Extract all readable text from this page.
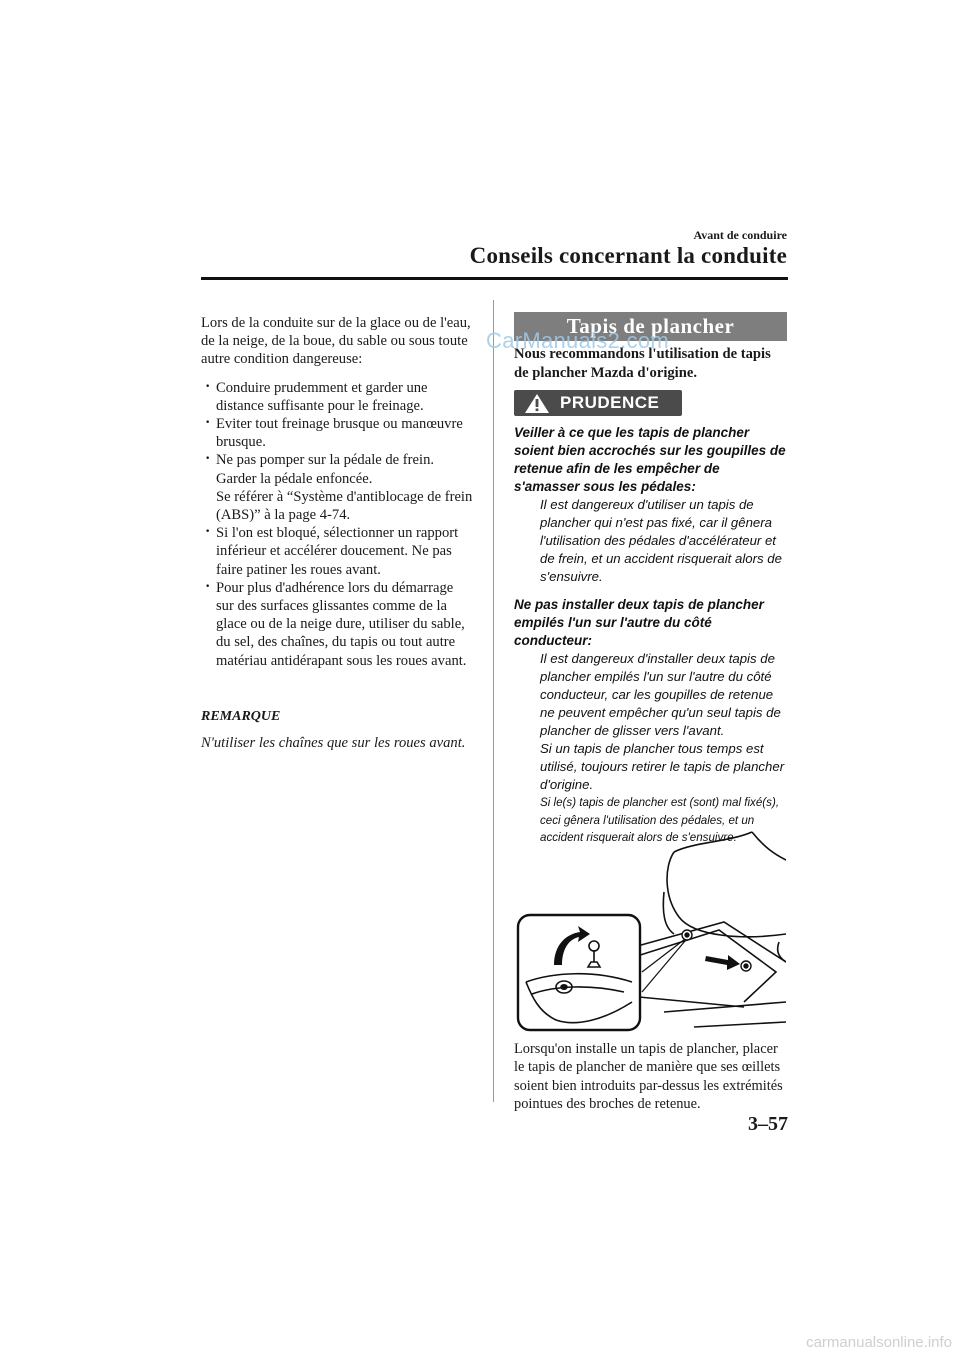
Avant de conduire
Conseils concernant la conduite

Lors de la conduite sur de la glace ou de l'eau, de la neige, de la boue, du sable ou sous toute autre condition dangereuse:

· Conduire prudemment et garder une distance suffisante pour le freinage.
· Eviter tout freinage brusque ou manœuvre brusque.
· Ne pas pomper sur la pédale de frein. Garder la pédale enfoncée.
Se référer à “Système d'antiblocage de frein (ABS)” à la page 4-74.
· Si l'on est bloqué, sélectionner un rapport inférieur et accélérer doucement. Ne pas faire patiner les roues avant.
· Pour plus d'adhérence lors du démarrage sur des surfaces glissantes comme de la glace ou de la neige dure, utiliser du sable, du sel, des chaînes, du tapis ou tout autre matériau antidérapant sous les roues avant.

REMARQUE

N'utiliser les chaînes que sur les roues avant.

Tapis de plancher
CarManuals2.com
Nous recommandons l'utilisation de tapis de plancher Mazda d'origine.
PRUDENCE

Veiller à ce que les tapis de plancher soient bien accrochés sur les goupilles de retenue afin de les empêcher de s'amasser sous les pédales:

Il est dangereux d'utiliser un tapis de plancher qui n'est pas fixé, car il gênera l'utilisation des pédales d'accélérateur et de frein, et un accident risquerait alors de s'ensuivre.

Ne pas installer deux tapis de plancher empilés l'un sur l'autre du côté conducteur:

Il est dangereux d'installer deux tapis de plancher empilés l'un sur l'autre du côté conducteur, car les goupilles de retenue ne peuvent empêcher qu'un seul tapis de plancher de glisser vers l'avant.

Si un tapis de plancher tous temps est utilisé, toujours retirer le tapis de plancher d'origine.

Si le(s) tapis de plancher est (sont) mal fixé(s), ceci gênera l'utilisation des pédales, et un accident risquerait alors de s'ensuivre.

Lorsqu'on installe un tapis de plancher, placer le tapis de plancher de manière que ses œillets soient bien introduits par-dessus les extrémités pointues des broches de retenue.
3–57
carmanualsonline.info
